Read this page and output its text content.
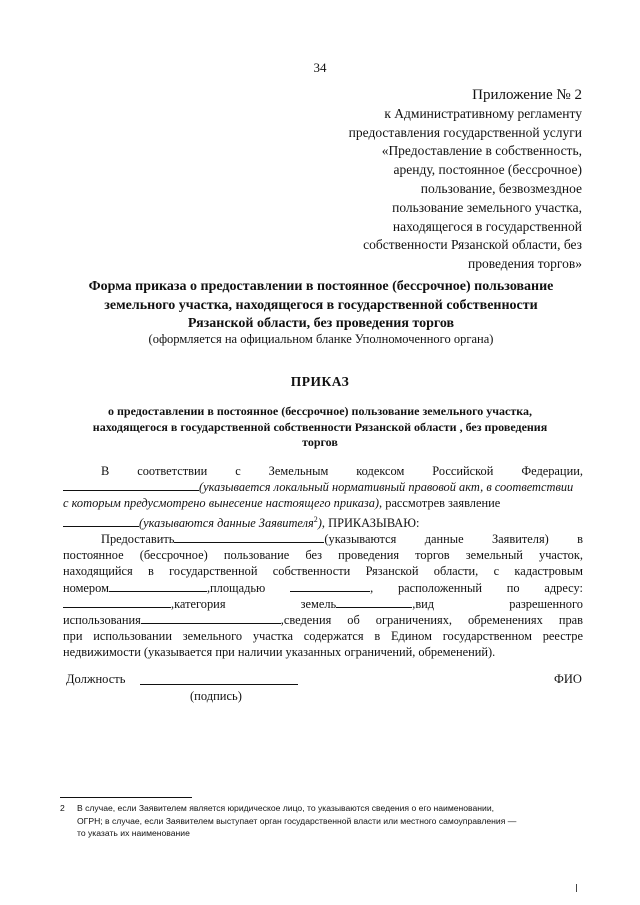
34
Приложение № 2
к Административному регламенту
предоставления государственной услуги
«Предоставление в собственность,
аренду, постоянное (бессрочное)
пользование, безвозмездное
пользование земельного участка,
находящегося в государственной
собственности Рязанской области, без
проведения торгов»
Форма приказа о предоставлении в постоянное (бессрочное) пользование
земельного участка, находящегося в государственной собственности
Рязанской области, без проведения торгов
(оформляется на официальном бланке Уполномоченного органа)
ПРИКАЗ
о предоставлении в постоянное (бессрочное) пользование земельного участка,
находящегося в государственной собственности Рязанской области , без проведения
торгов
В соответствии с Земельным кодексом Российской Федерации,
(указывается локальный нормативный правовой акт, в соответствии
с которым предусмотрено вынесение настоящего приказа), рассмотрев заявление
(указываются данные Заявителя$^2$), ПРИКАЗЫВАЮ:
Предоставить	(указываются данные Заявителя) в
постоянное (бессрочное) пользование без проведения торгов земельный участок,
находящийся в государственной собственности Рязанской области, с кадастровым
номером	,площадью	, расположенный по адресу:
,категория	земель	,вид	разрешенного
использования	,сведения об ограничениях, обременениях прав
при использовании земельного участка содержатся в Едином государственном реестре
недвижимости (указывается при наличии указанных ограничений, обременений).
Должность
(подпись)
ФИО
2 В случае, если Заявителем является юридическое лицо, то указываются сведения о его наименовании,
ОГРН; в случае, если Заявителем выступает орган государственной власти или местного самоуправления —
то указать их наименование
